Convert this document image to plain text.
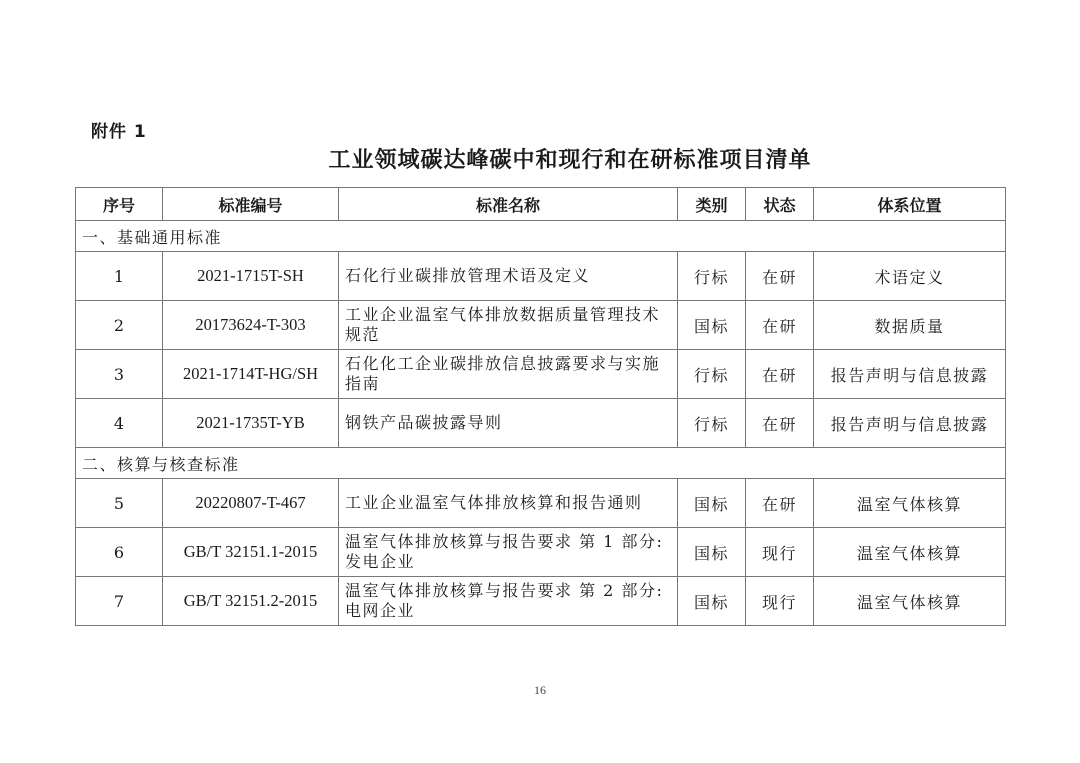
附件 1
工业领域碳达峰碳中和现行和在研标准项目清单
序号	标准编号	标准名称	类别	状态	体系位置
一、基础通用标准					
1	2021-1715T-SH	石化行业碳排放管理术语及定义	行标	在研	术语定义
2	20173624-T-303	工业企业温室气体排放数据质量管理技术规范	国标	在研	数据质量
3	2021-1714T-HG/SH	石化化工企业碳排放信息披露要求与实施指南	行标	在研	报告声明与信息披露
4	2021-1735T-YB	钢铁产品碳披露导则	行标	在研	报告声明与信息披露
二、核算与核查标准					
5	20220807-T-467	工业企业温室气体排放核算和报告通则	国标	在研	温室气体核算
6	GB/T 32151.1-2015	温室气体排放核算与报告要求 第 1 部分:发电企业	国标	现行	温室气体核算
7	GB/T 32151.2-2015	温室气体排放核算与报告要求 第 2 部分:电网企业	国标	现行	温室气体核算
16
